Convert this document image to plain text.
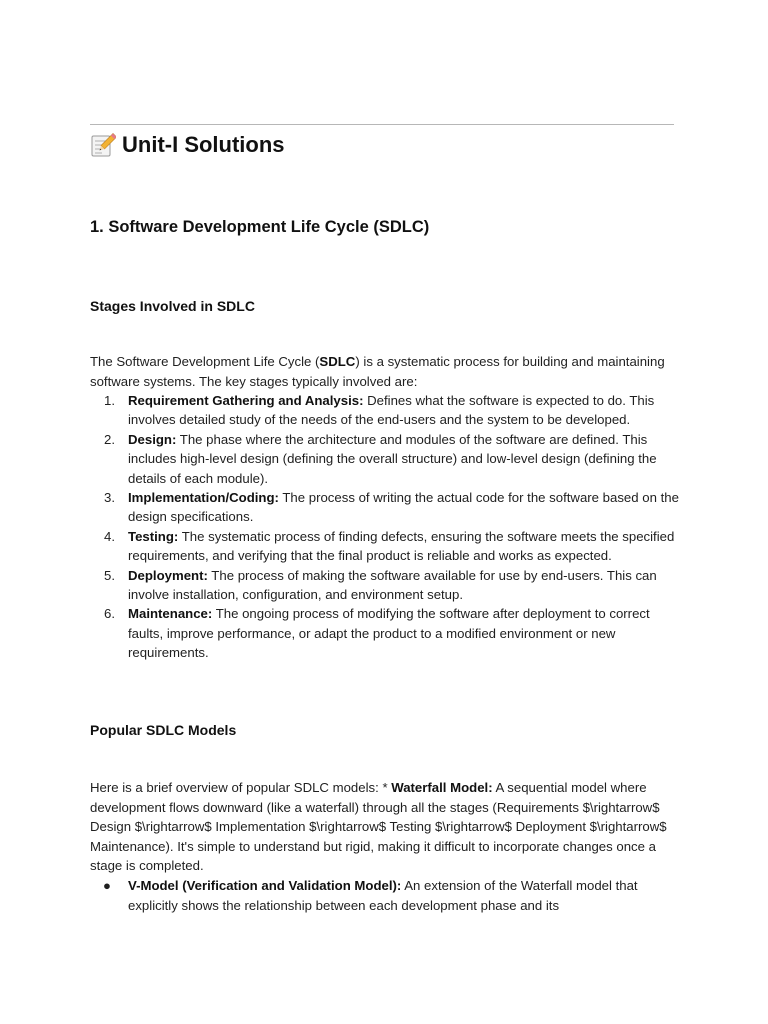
Unit-I Solutions
1. Software Development Life Cycle (SDLC)
Stages Involved in SDLC
The Software Development Life Cycle (SDLC) is a systematic process for building and maintaining software systems. The key stages typically involved are:
1. Requirement Gathering and Analysis: Defines what the software is expected to do. This involves detailed study of the needs of the end-users and the system to be developed.
2. Design: The phase where the architecture and modules of the software are defined. This includes high-level design (defining the overall structure) and low-level design (defining the details of each module).
3. Implementation/Coding: The process of writing the actual code for the software based on the design specifications.
4. Testing: The systematic process of finding defects, ensuring the software meets the specified requirements, and verifying that the final product is reliable and works as expected.
5. Deployment: The process of making the software available for use by end-users. This can involve installation, configuration, and environment setup.
6. Maintenance: The ongoing process of modifying the software after deployment to correct faults, improve performance, or adapt the product to a modified environment or new requirements.
Popular SDLC Models
Here is a brief overview of popular SDLC models: * Waterfall Model: A sequential model where development flows downward (like a waterfall) through all the stages (Requirements $\rightarrow$ Design $\rightarrow$ Implementation $\rightarrow$ Testing $\rightarrow$ Deployment $\rightarrow$ Maintenance). It's simple to understand but rigid, making it difficult to incorporate changes once a stage is completed.
● V-Model (Verification and Validation Model): An extension of the Waterfall model that explicitly shows the relationship between each development phase and its
